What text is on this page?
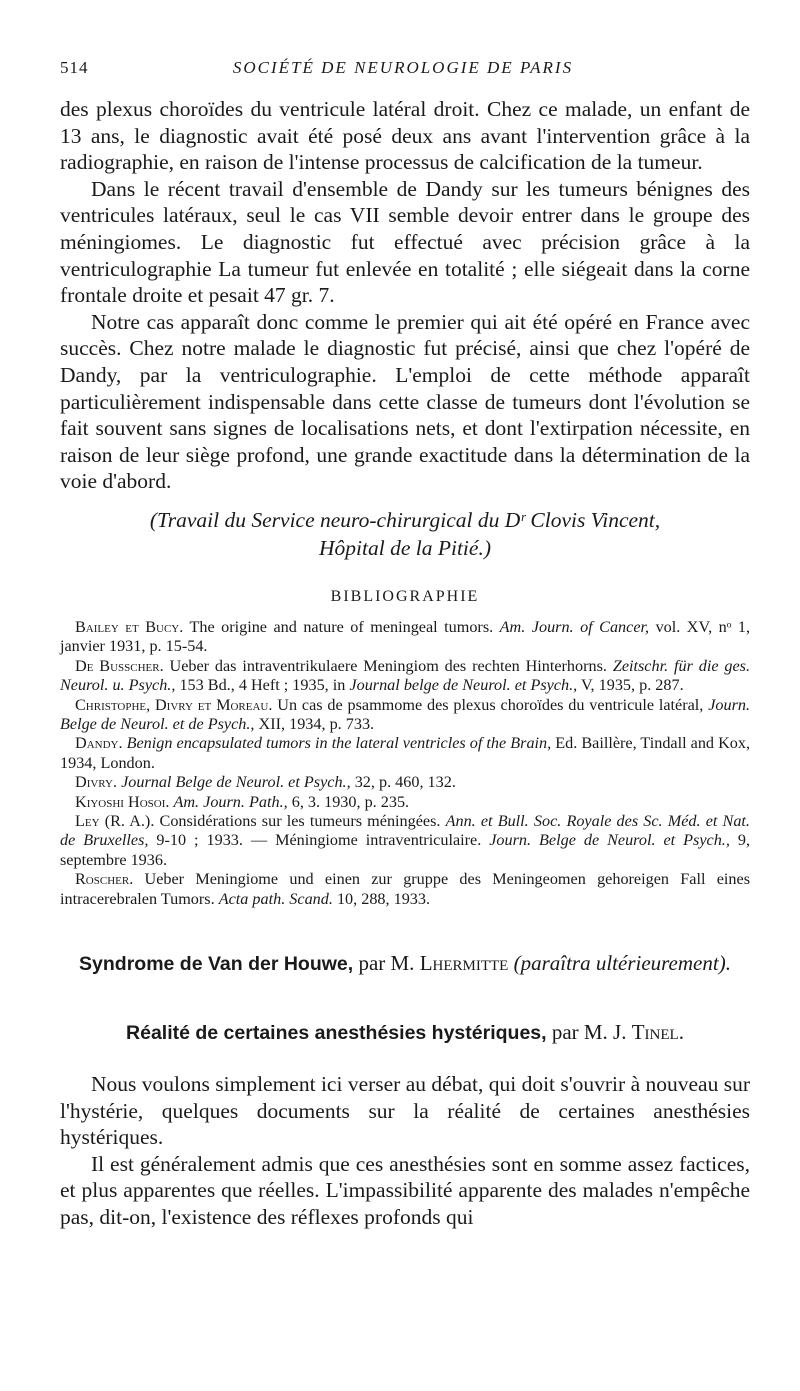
514	SOCIÉTÉ DE NEUROLOGIE DE PARIS

des plexus choroïdes du ventricule latéral droit. Chez ce malade, un enfant de 13 ans, le diagnostic avait été posé deux ans avant l'intervention grâce à la radiographie, en raison de l'intense processus de calcification de la tumeur.

Dans le récent travail d'ensemble de Dandy sur les tumeurs bénignes des ventricules latéraux, seul le cas VII semble devoir entrer dans le groupe des méningiomes. Le diagnostic fut effectué avec précision grâce à la ventriculographie La tumeur fut enlevée en totalité ; elle siégeait dans la corne frontale droite et pesait 47 gr. 7.

Notre cas apparaît donc comme le premier qui ait été opéré en France avec succès. Chez notre malade le diagnostic fut précisé, ainsi que chez l'opéré de Dandy, par la ventriculographie. L'emploi de cette méthode apparaît particulièrement indispensable dans cette classe de tumeurs dont l'évolution se fait souvent sans signes de localisations nets, et dont l'extirpation nécessite, en raison de leur siège profond, une grande exactitude dans la détermination de la voie d'abord.

(Travail du Service neuro-chirurgical du Dʳ Clovis Vincent,
Hôpital de la Pitié.)
BIBLIOGRAPHIE

Bailey et Bucy. The origine and nature of meningeal tumors. Am. Journ. of Cancer, vol. XV, nᵒ 1, janvier 1931, p. 15-54.

De Busscher. Ueber das intraventrikulaere Meningiom des rechten Hinterhorns. Zeitschr. für die ges. Neurol. u. Psych., 153 Bd., 4 Heft ; 1935, in Journal belge de Neurol. et Psych., V, 1935, p. 287.

Christophe, Divry et Moreau. Un cas de psammome des plexus choroïdes du ventricule latéral, Journ. Belge de Neurol. et de Psych., XII, 1934, p. 733.

Dandy. Benign encapsulated tumors in the lateral ventricles of the Brain, Ed. Baillère, Tindall and Kox, 1934, London.

Divry. Journal Belge de Neurol. et Psych., 32, p. 460, 132.

Kiyoshi Hosoi. Am. Journ. Path., 6, 3. 1930, p. 235.

Ley (R. A.). Considérations sur les tumeurs méningées. Ann. et Bull. Soc. Royale des Sc. Méd. et Nat. de Bruxelles, 9-10 ; 1933. — Méningiome intraventriculaire. Journ. Belge de Neurol. et Psych., 9, septembre 1936.

Roscher. Ueber Meningiome und einen zur gruppe des Meningeomen gehoreigen Fall eines intracerebralen Tumors. Acta path. Scand. 10, 288, 1933.

Syndrome de Van der Houwe, par M. Lhermitte (paraîtra ultérieurement).
Réalité de certaines anesthésies hystériques, par M. J. Tinel.

Nous voulons simplement ici verser au débat, qui doit s'ouvrir à nouveau sur l'hystérie, quelques documents sur la réalité de certaines anesthésies hystériques.

Il est généralement admis que ces anesthésies sont en somme assez factices, et plus apparentes que réelles. L'impassibilité apparente des malades n'empêche pas, dit-on, l'existence des réflexes profonds qui
